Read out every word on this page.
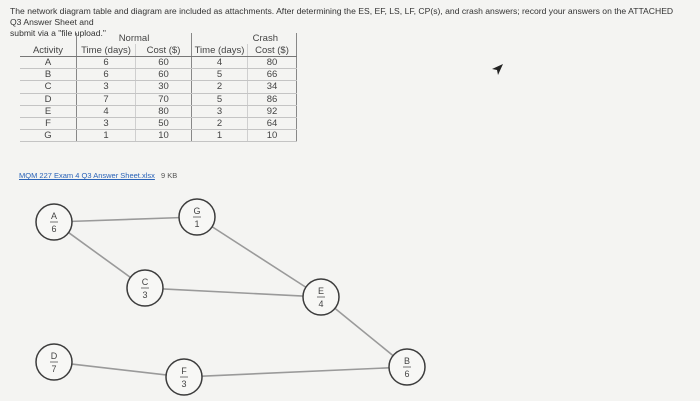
The network diagram table and diagram are included as attachments. After determining the ES, EF, LS, LF, CP(s), and crash answers; record your answers on the ATTACHED Q3 Answer Sheet and
submit via a "file upload."
		Normal		Crash		
Activity	Time (days)	Cost ($)	Time (days)	Cost ($)	
A	6	60	4	80	
B	6	60	5	66	
C	3	30	2	34	
D	7	70	5	86	
E	4	80	3	92	
F	3	50	2	64	
G	1	10	1	10	
MQM 227 Exam 4 Q3 Answer Sheet.xlsx 9 KB
A
6
G
1
C
3	E
4
D
7	F
3
B
6
